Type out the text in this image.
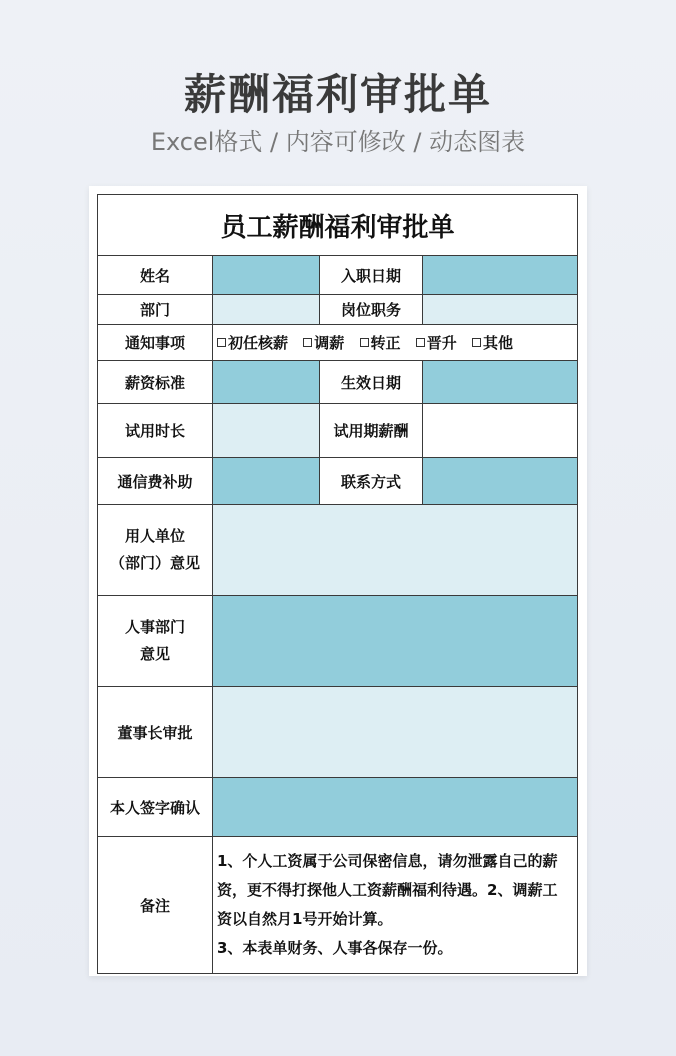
薪酬福利审批单
Excel格式 / 内容可修改 / 动态图表
员工薪酬福利审批单			
姓名		入职日期	
部门		岗位职务	
通知事项	初任核薪 调薪 转正 晋升 其他		
薪资标准		生效日期	
试用时长		试用期薪酬	
通信费补助		联系方式	

用人单位
（部门）意见			

人事部门
意见			

董事长审批			
本人签字确认			
备注	1、个人工资属于公司保密信息，请勿泄露自己的薪资，更不得打探他人工资薪酬福利待遇。2、调薪工资以自然月1号开始计算。
3、本表单财务、人事各保存一份。		
